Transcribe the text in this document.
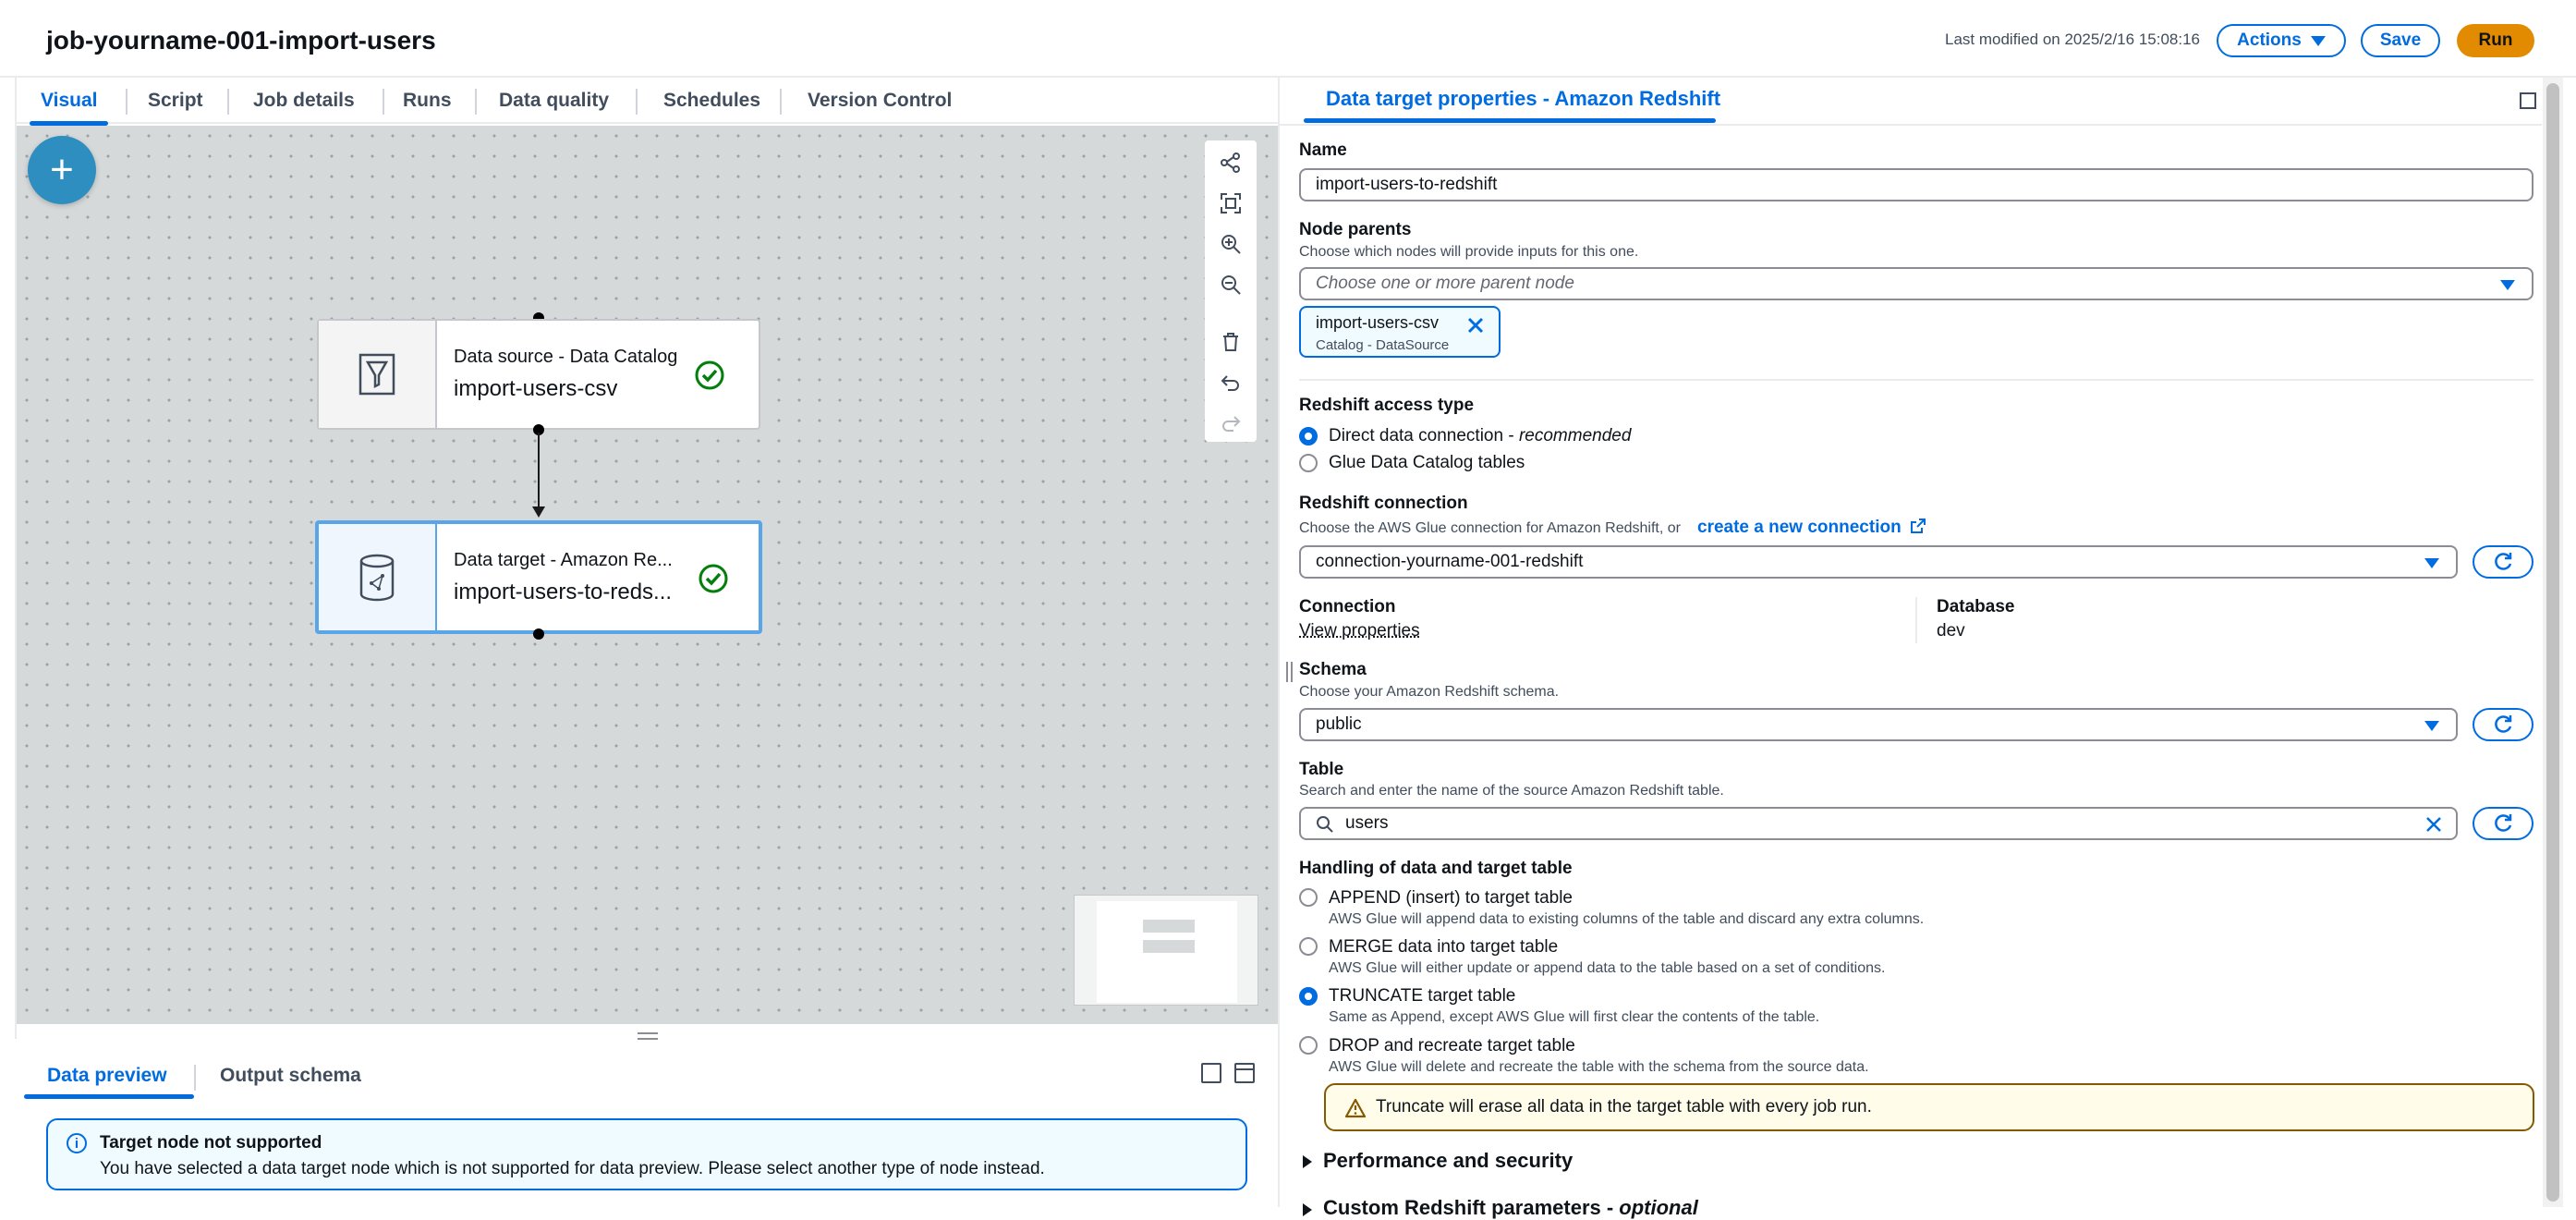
job-yourname-001-import-users	Last modified on 2025/2/16 15:08:16 Actions	Save	Run
Visual	Script	Job details Runs Data quality	Schedules Version Control
+
Data source - Data Catalog
import-users-csv
Data target - Amazon Re...
import-users-to-reds...
Data preview	Output schema
i	Target node not supported
You have selected a data target node which is not supported for data preview. Please select another type of node instead.
Data target properties - Amazon Redshift
Name
import-users-to-redshift
Node parents
Choose which nodes will provide inputs for this one.
Choose one or more parent node
import-users-csv
Catalog - DataSource
Redshift access type
Direct data connection - recommended
Glue Data Catalog tables
Redshift connection
Choose the AWS Glue connection for Amazon Redshift, or create a new connection	.
connection-yourname-001-redshift
Connection
View properties
Database
dev
Schema
Choose your Amazon Redshift schema.
public
Table
Search and enter the name of the source Amazon Redshift table.
users
Handling of data and target table
APPEND (insert) to target table
AWS Glue will append data to existing columns of the table and discard any extra columns.
MERGE data into target table
AWS Glue will either update or append data to the table based on a set of conditions.
TRUNCATE target table
Same as Append, except AWS Glue will first clear the contents of the table.
DROP and recreate target table
AWS Glue will delete and recreate the table with the schema from the source data.
Truncate will erase all data in the target table with every job run.
Performance and security
Custom Redshift parameters - optional
